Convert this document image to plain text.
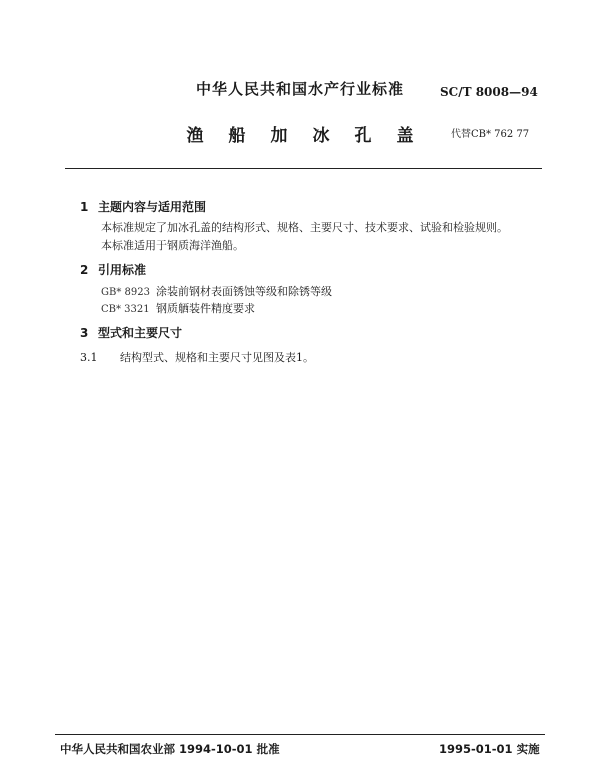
中华人民共和国水产行业标准	SC/T 8008—94
渔船加冰孔盖	代替CB* 762 77
1 主题内容与适用范围
本标准规定了加冰孔盖的结构形式、规格、主要尺寸、技术要求、试验和检验规则。
本标准适用于钢质海洋渔船。
2 引用标准
GB* 8923 涂装前钢材表面锈蚀等级和除锈等级
CB* 3321 钢质舾装件精度要求
3 型式和主要尺寸
3.1 结构型式、规格和主要尺寸见图及表1。
中华人民共和国农业部 1994-10-01 批准	1995-01-01 实施
